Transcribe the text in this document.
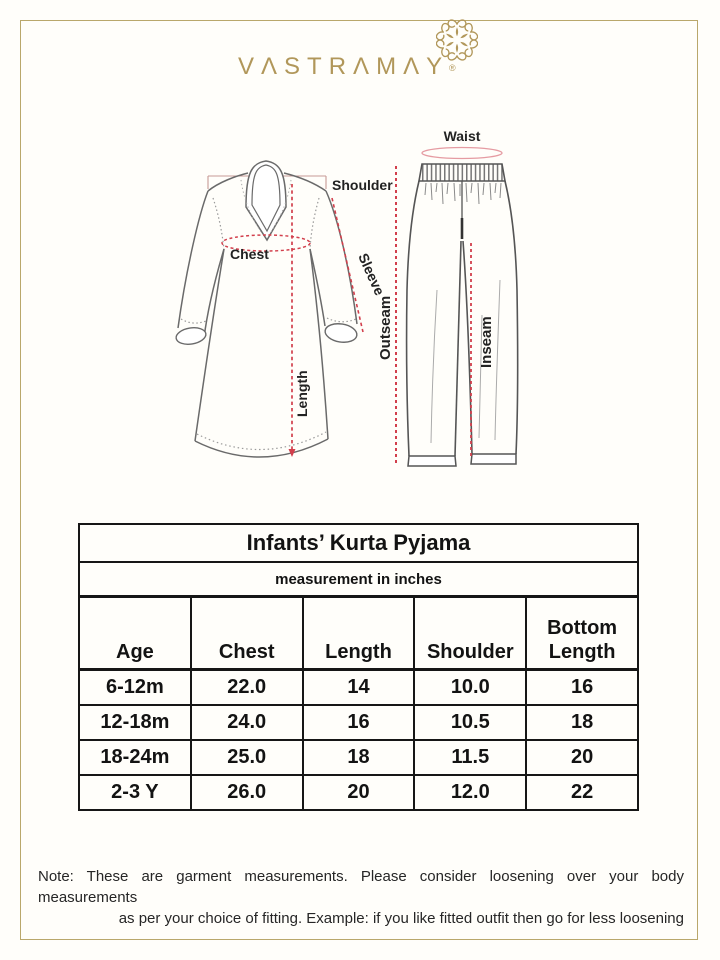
VΛSTRΛMΛY ®
Shoulder
Chest
Length
Sleeve
Waist
Outseam	Inseam
Infants’ Kurta Pyjama				
measurement in inches				
Age	Chest	Length	Shoulder	Bottom Length
6-12m	22.0	14	10.0	16
12-18m	24.0	16	10.5	18
18-24m	25.0	18	11.5	20
2-3 Y	26.0	20	12.0	22
Note: These are garment measurements. Please consider loosening over your body measurements
as per your choice of fitting. Example: if you like fitted outfit then go for less loosening
